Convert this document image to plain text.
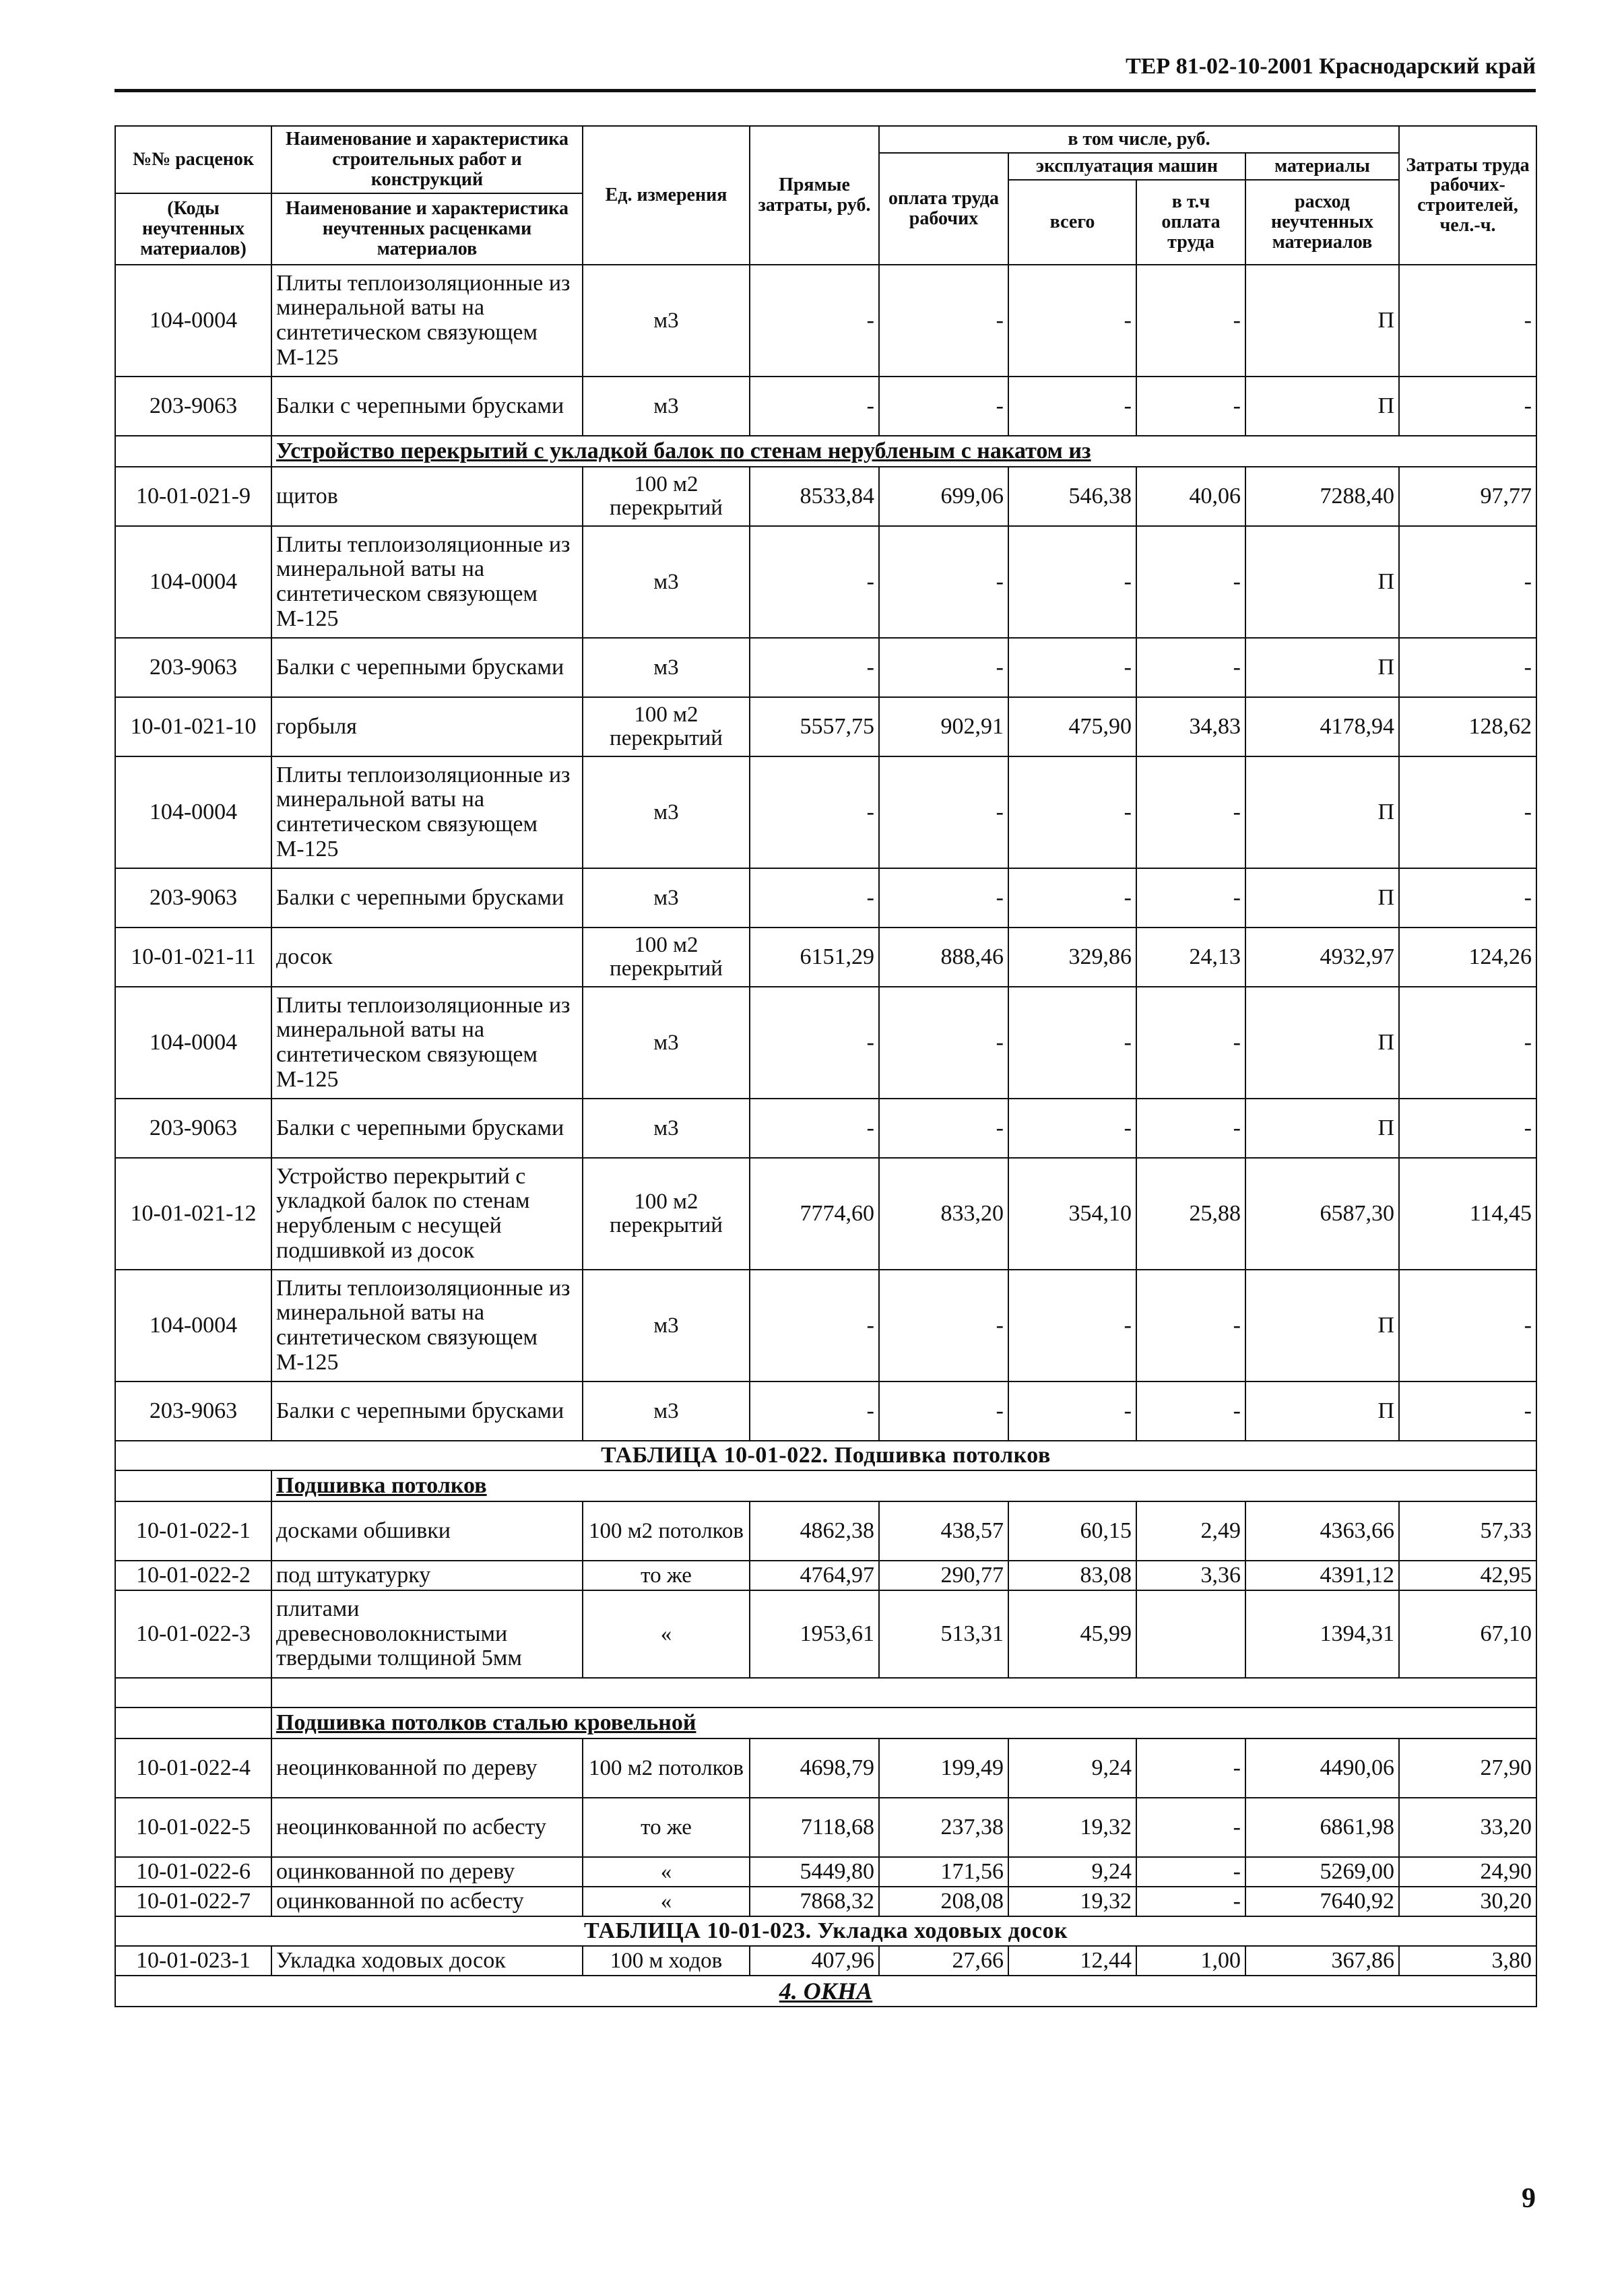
ТЕР 81-02-10-2001 Краснодарский край
№№ расценок	Наименование и характеристика строительных работ и конструкций	Ед. измерения	Прямые затраты, руб.	в том числе, руб.				Затраты труда рабочих-строителей, чел.-ч.
				оплата труда рабочих	эксплуатация машин		материалы	
					всего	в т.ч оплата труда	расход неучтенных материалов	
(Коды неучтенных материалов)	Наименование и характеристика неучтенных расценками материалов							

104-0004	Плиты теплоизоляционные из минеральной ваты на синтетическом связующем М-125	м3	-	-	-	-	П	-
203-9063	Балки с черепными брусками	м3	-	-	-	-	П	-
	Устройство перекрытий с укладкой балок по стенам нерубленым с накатом из							
10-01-021-9	щитов	100 м2 перекрытий	8533,84	699,06	546,38	40,06	7288,40	97,77
104-0004	Плиты теплоизоляционные из минеральной ваты на синтетическом связующем М-125	м3	-	-	-	-	П	-
203-9063	Балки с черепными брусками	м3	-	-	-	-	П	-
10-01-021-10	горбыля	100 м2 перекрытий	5557,75	902,91	475,90	34,83	4178,94	128,62
104-0004	Плиты теплоизоляционные из минеральной ваты на синтетическом связующем М-125	м3	-	-	-	-	П	-
203-9063	Балки с черепными брусками	м3	-	-	-	-	П	-
10-01-021-11	досок	100 м2 перекрытий	6151,29	888,46	329,86	24,13	4932,97	124,26
104-0004	Плиты теплоизоляционные из минеральной ваты на синтетическом связующем М-125	м3	-	-	-	-	П	-
203-9063	Балки с черепными брусками	м3	-	-	-	-	П	-
10-01-021-12	Устройство перекрытий с укладкой балок по стенам нерубленым с несущей подшивкой из досок	100 м2 перекрытий	7774,60	833,20	354,10	25,88	6587,30	114,45
104-0004	Плиты теплоизоляционные из минеральной ваты на синтетическом связующем М-125	м3	-	-	-	-	П	-
203-9063	Балки с черепными брусками	м3	-	-	-	-	П	-
ТАБЛИЦА 10-01-022. Подшивка потолков								
	Подшивка потолков							
10-01-022-1	досками обшивки	100 м2 потолков	4862,38	438,57	60,15	2,49	4363,66	57,33
10-01-022-2	под штукатурку	то же	4764,97	290,77	83,08	3,36	4391,12	42,95
10-01-022-3	плитами древесноволокнистыми твердыми толщиной 5мм	«	1953,61	513,31	45,99		1394,31	67,10

	Подшивка потолков сталью кровельной							
10-01-022-4	неоцинкованной по дереву	100 м2 потолков	4698,79	199,49	9,24	-	4490,06	27,90
10-01-022-5	неоцинкованной по асбесту	то же	7118,68	237,38	19,32	-	6861,98	33,20
10-01-022-6	оцинкованной по дереву	«	5449,80	171,56	9,24	-	5269,00	24,90
10-01-022-7	оцинкованной по асбесту	«	7868,32	208,08	19,32	-	7640,92	30,20
ТАБЛИЦА 10-01-023. Укладка ходовых досок								
10-01-023-1	Укладка ходовых досок	100 м ходов	407,96	27,66	12,44	1,00	367,86	3,80
4. ОКНА								
9
